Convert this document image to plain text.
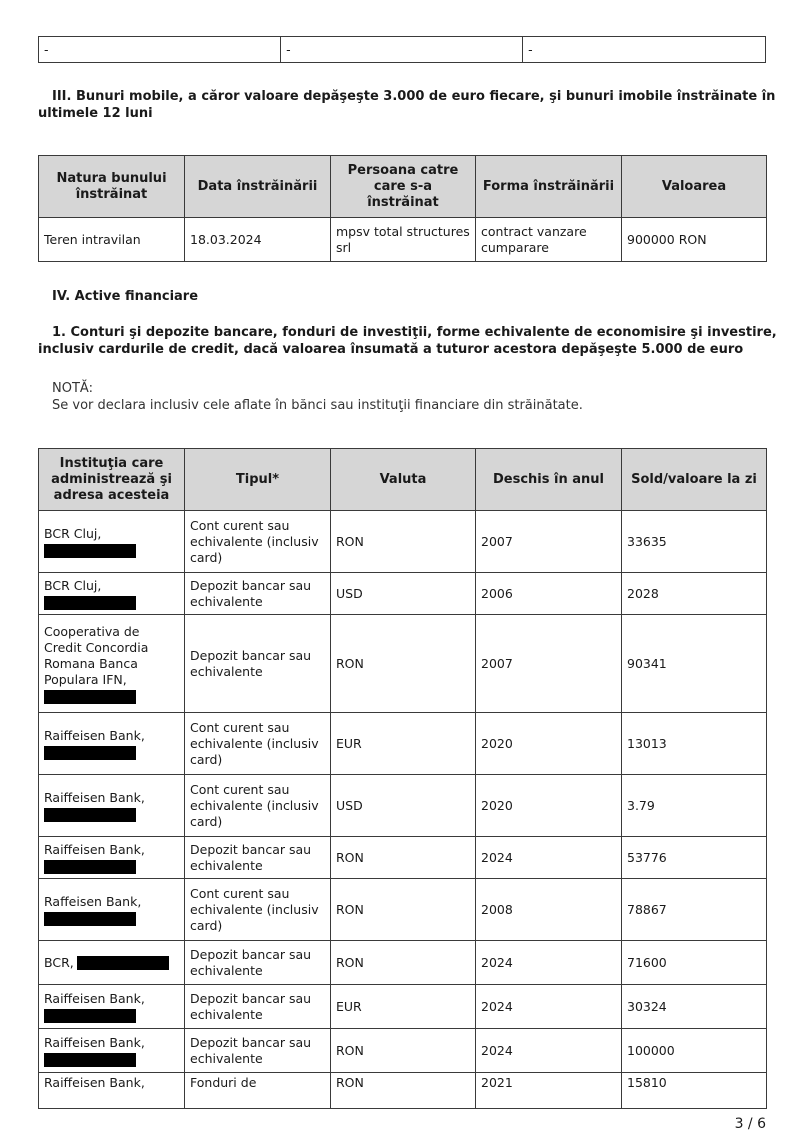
-	-	-
III. Bunuri mobile, a căror valoare depăşeşte 3.000 de euro fiecare, şi bunuri imobile înstrăinate în ultimele 12 luni
Natura bunului înstrăinat	Data înstrăinării	Persoana catre care s-a înstrăinat	Forma înstrăinării	Valoarea
Teren intravilan	18.03.2024	mpsv total structures srl	contract vanzare cumparare	900000 RON
IV. Active financiare
1. Conturi şi depozite bancare, fonduri de investiţii, forme echivalente de economisire şi investire, inclusiv cardurile de credit, dacă valoarea însumată a tuturor acestora depăşeşte 5.000 de euro
NOTĂ:
Se vor declara inclusiv cele aflate în bănci sau instituţii financiare din străinătate.
Instituţia care administrează şi adresa acesteia	Tipul*	Valuta	Deschis în anul	Sold/valoare la zi
BCR Cluj,	Cont curent sau echivalente (inclusiv card)	RON	2007	33635
BCR Cluj,	Depozit bancar sau echivalente	USD	2006	2028
Cooperativa de Credit Concordia Romana Banca Populara IFN,	Depozit bancar sau echivalente	RON	2007	90341
Raiffeisen Bank,	Cont curent sau echivalente (inclusiv card)	EUR	2020	13013
Raiffeisen Bank,	Cont curent sau echivalente (inclusiv card)	USD	2020	3.79
Raiffeisen Bank,	Depozit bancar sau echivalente	RON	2024	53776
Raffeisen Bank,	Cont curent sau echivalente (inclusiv card)	RON	2008	78867
BCR,	Depozit bancar sau echivalente	RON	2024	71600
Raiffeisen Bank,	Depozit bancar sau echivalente	EUR	2024	30324
Raiffeisen Bank,	Depozit bancar sau echivalente	RON	2024	100000
Raiffeisen Bank,	Fonduri de	RON	2021	15810
3 / 6
